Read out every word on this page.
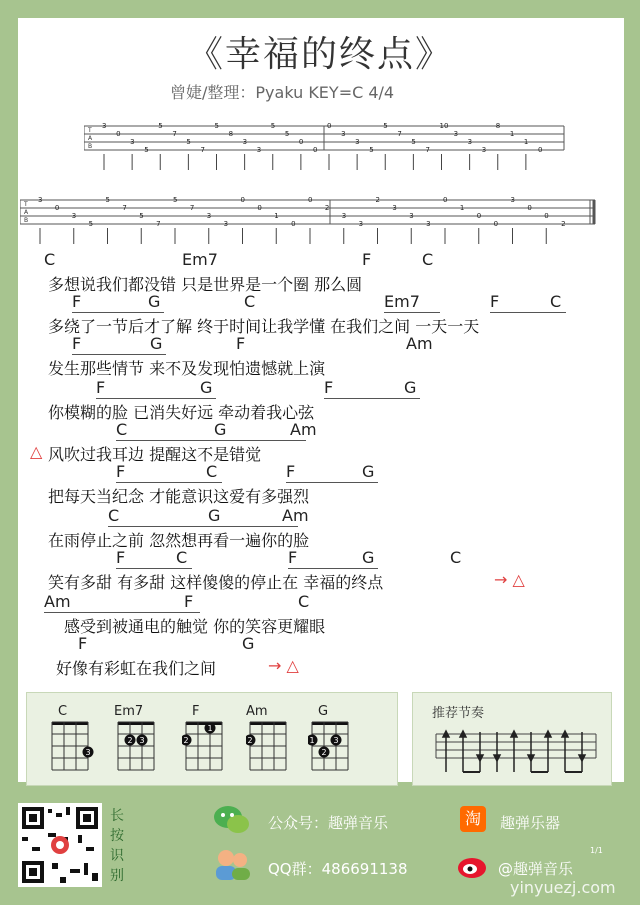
《幸福的终点》
曾婕/整理：Pyaku KEY=C 4/4
T
A
B
3
0
3
5
5
7
5
7
5
8
3
3
5
5
0
0
0
3
3
5
5
7
5
7
10
3
3
3
8
1
1
0
T
A
B
3
0
3
5
5
7
5
7
5
7
3
3
0
0
1
0
0
2
3
3
2
3
3
3
0
1
0
0
3
0
0
2
C	Em7	F	C
多想说我们都没错 只是世界是一个圈 那么圆
F	G	C	Em7	F	C
多绕了一节后才了解 终于时间让我学懂 在我们之间 一天一天
F	G	F	Am
发生那些情节 来不及发现怕遗憾就上演
F	G	F	G
你模糊的脸 已消失好远 牵动着我心弦
C	G	Am
△ 风吹过我耳边 提醒这不是错觉
F	C	F	G
把每天当纪念 才能意识这爱有多强烈
C	G	Am
在雨停止之前 忽然想再看一遍你的脸
F	C	F	G	C
笑有多甜 有多甜 这样傻傻的停止在 幸福的终点	→ △
Am	F	C
感受到被通电的触觉 你的笑容更耀眼
F	G
好像有彩虹在我们之间	→ △
C
3
Em7
2 3
F
1
2
Am
2
G
1
2
3
推荐节奏
长按识别
公众号：趣弹音乐	淘	趣弹乐器
QQ群：486691138	@趣弹音乐
1/1
yinyuezj.com
